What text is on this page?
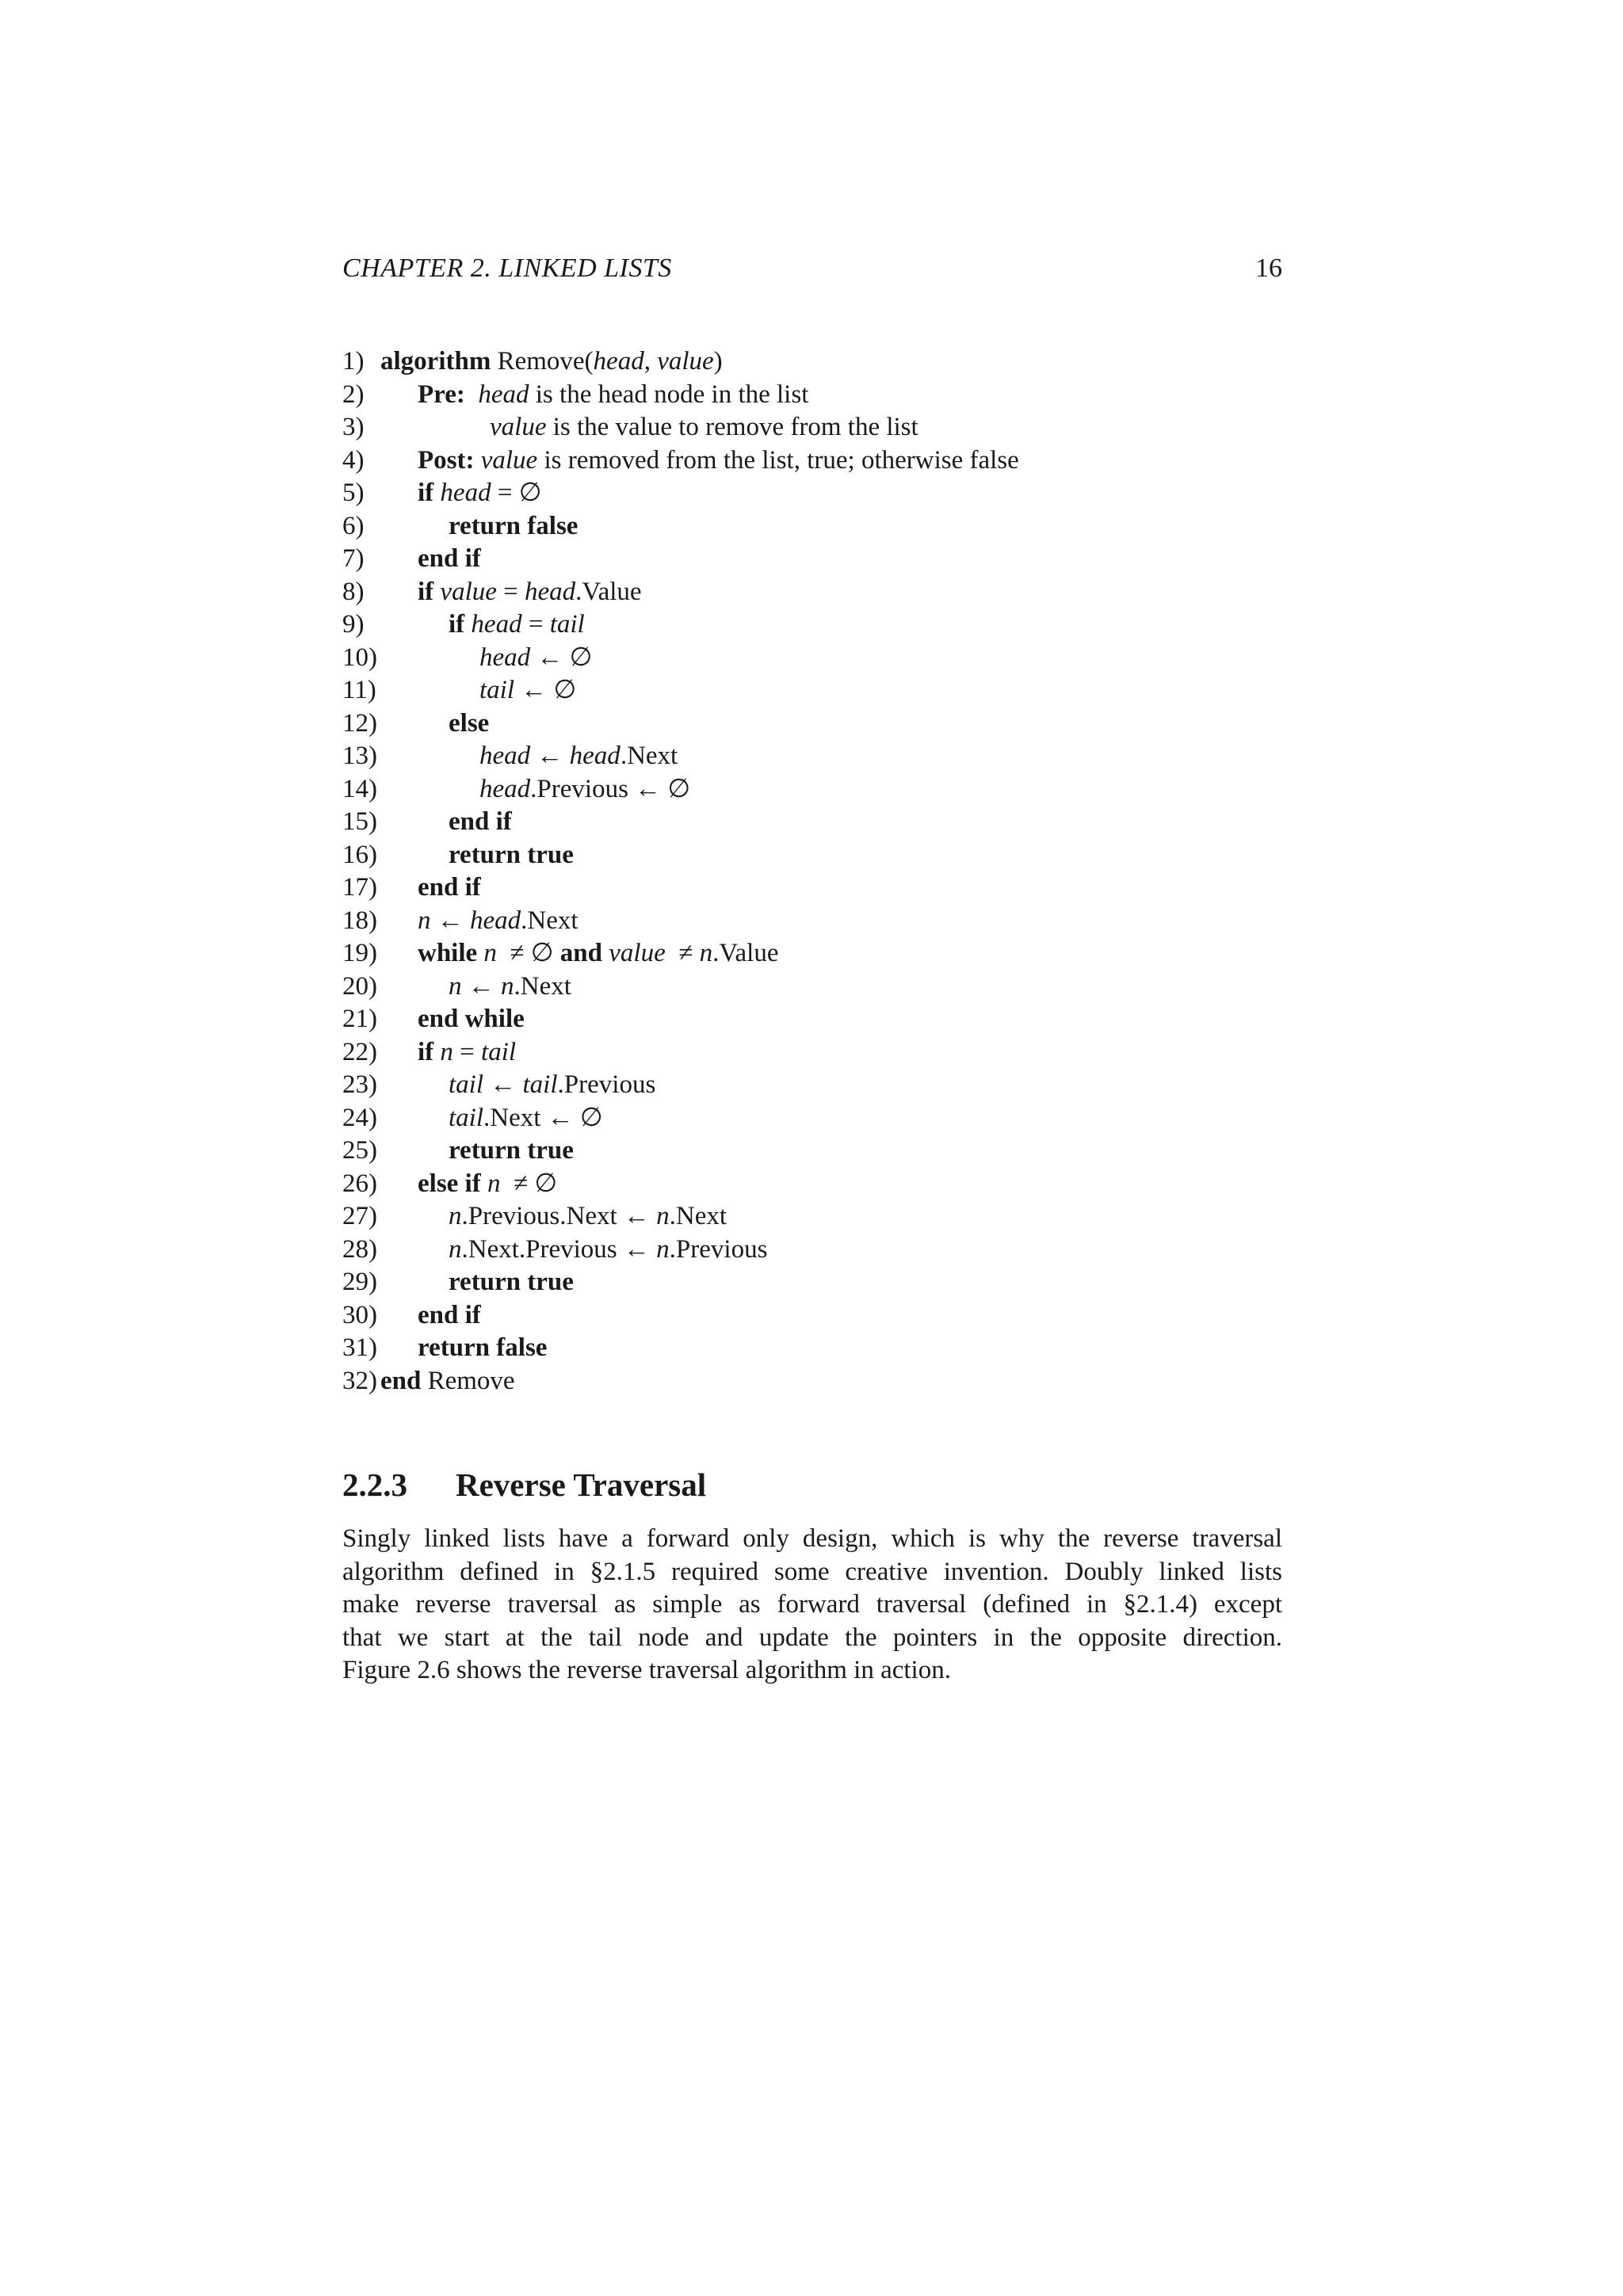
CHAPTER 2. LINKED LISTS	16
1) algorithm Remove(head, value)
2) Pre: head is the head node in the list
3)	value is the value to remove from the list
4) Post: value is removed from the list, true; otherwise false
5) if head = ∅
6)	return false
7) end if
8) if value = head.Value
9)	if head = tail
10)	head ← ∅
11)	tail ← ∅
12)	else
13)	head ← head.Next
14)	head.Previous ← ∅
15)	end if
16)	return true
17) end if
18) n ← head.Next
19) while n  ≠ ∅ and value  ≠ n.Value
20)	n ← n.Next
21) end while
22) if n = tail
23)	tail ← tail.Previous
24)	tail.Next ← ∅
25)	return true
26) else if n  ≠ ∅
27)	n.Previous.Next ← n.Next
28)	n.Next.Previous ← n.Previous
29)	return true
30) end if
31) return false
32) end Remove
2.2.3 Reverse Traversal
Singly linked lists have a forward only design, which is why the reverse traversal
algorithm defined in §2.1.5 required some creative invention. Doubly linked lists
make reverse traversal as simple as forward traversal (defined in §2.1.4) except
that we start at the tail node and update the pointers in the opposite direction.
Figure 2.6 shows the reverse traversal algorithm in action.
